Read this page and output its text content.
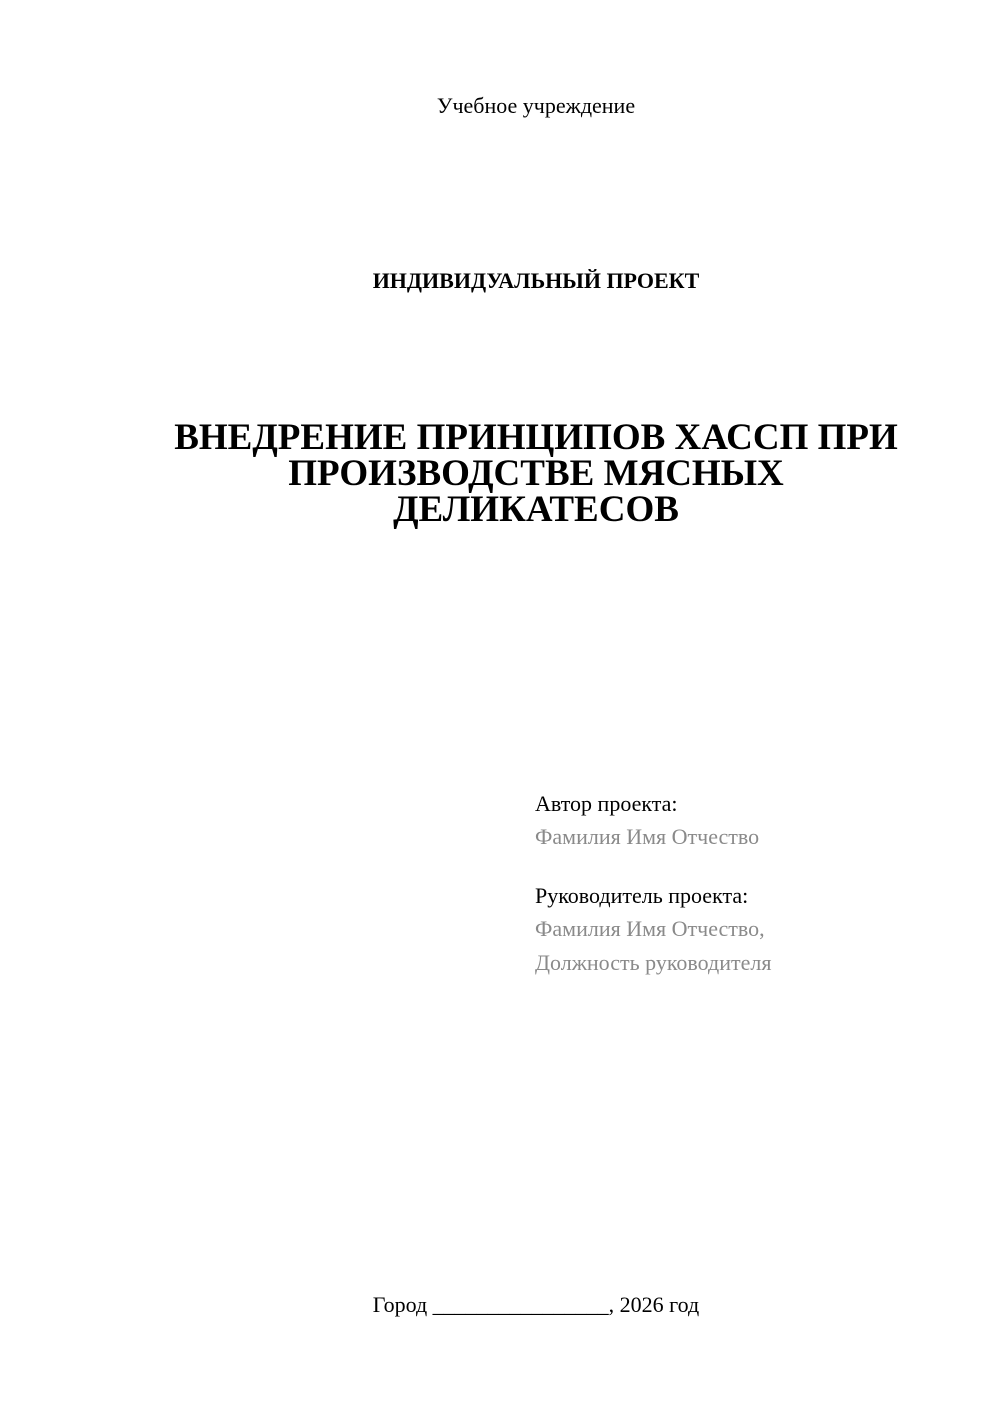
Учебное учреждение
ИНДИВИДУАЛЬНЫЙ ПРОЕКТ
ВНЕДРЕНИЕ ПРИНЦИПОВ ХАССП ПРИ
ПРОИЗВОДСТВЕ МЯСНЫХ
ДЕЛИКАТЕСОВ
Автор проекта:
Фамилия Имя Отчество
Руководитель проекта:
Фамилия Имя Отчество,
Должность руководителя
Город ________________, 2026 год
